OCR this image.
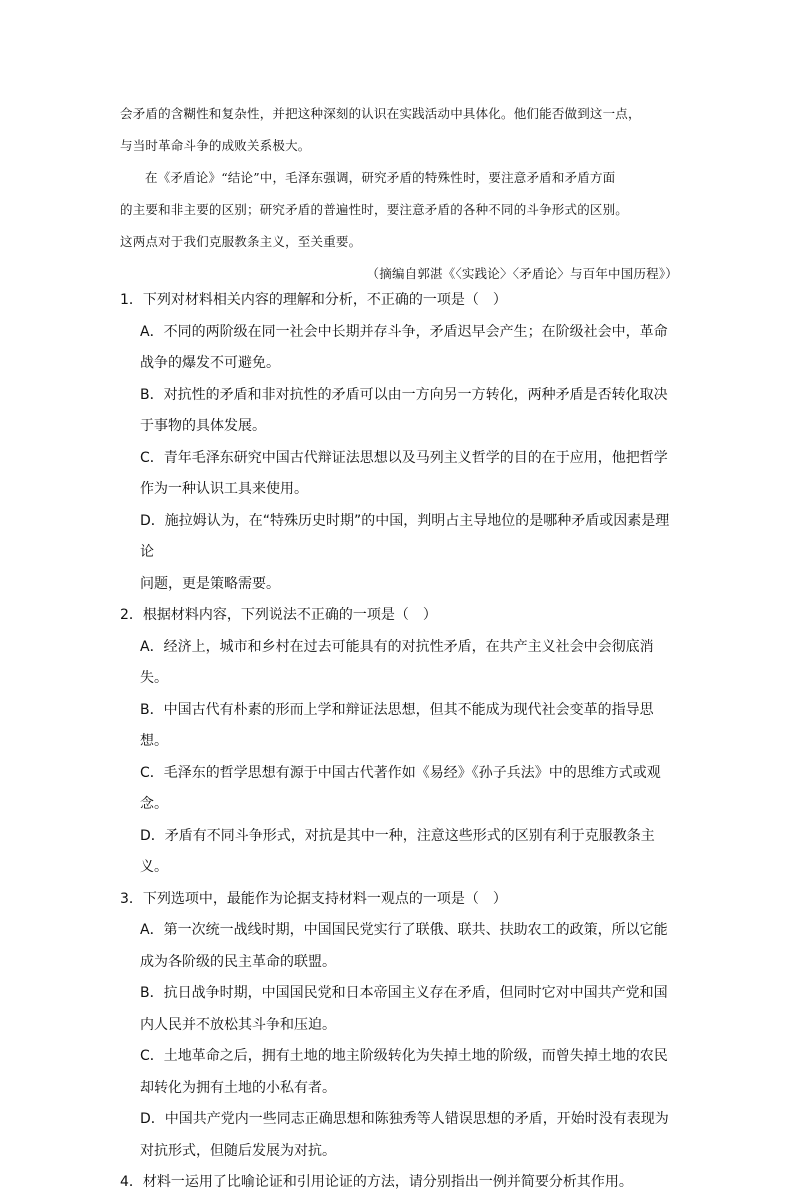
会矛盾的含糊性和复杂性，并把这种深刻的认识在实践活动中具体化。他们能否做到这一点，

与当时革命斗争的成败关系极大。

在《矛盾论》“结论”中，毛泽东强调，研究矛盾的特殊性时，要注意矛盾和矛盾方面

的主要和非主要的区别；研究矛盾的普遍性时，要注意矛盾的各种不同的斗争形式的区别。

这两点对于我们克服教条主义，至关重要。

（摘编自郭湛《〈实践论〉〈矛盾论〉与百年中国历程》）

1．下列对材料相关内容的理解和分析，不正确的一项是（　）

A．不同的两阶级在同一社会中长期并存斗争，矛盾迟早会产生；在阶级社会中，革命

战争的爆发不可避免。

B．对抗性的矛盾和非对抗性的矛盾可以由一方向另一方转化，两种矛盾是否转化取决

于事物的具体发展。

C．青年毛泽东研究中国古代辩证法思想以及马列主义哲学的目的在于应用，他把哲学

作为一种认识工具来使用。

D．施拉姆认为，在“特殊历史时期”的中国，判明占主导地位的是哪种矛盾或因素是理论

问题，更是策略需要。

2．根据材料内容，下列说法不正确的一项是（　）

A．经济上，城市和乡村在过去可能具有的对抗性矛盾，在共产主义社会中会彻底消失。

B．中国古代有朴素的形而上学和辩证法思想，但其不能成为现代社会变革的指导思想。

C．毛泽东的哲学思想有源于中国古代著作如《易经》《孙子兵法》中的思维方式或观念。

D．矛盾有不同斗争形式，对抗是其中一种，注意这些形式的区别有利于克服教条主义。

3．下列选项中，最能作为论据支持材料一观点的一项是（　）

A．第一次统一战线时期，中国国民党实行了联俄、联共、扶助农工的政策，所以它能

成为各阶级的民主革命的联盟。

B．抗日战争时期，中国国民党和日本帝国主义存在矛盾，但同时它对中国共产党和国

内人民并不放松其斗争和压迫。

C．土地革命之后，拥有土地的地主阶级转化为失掉土地的阶级，而曾失掉土地的农民

却转化为拥有土地的小私有者。

D．中国共产党内一些同志正确思想和陈独秀等人错误思想的矛盾，开始时没有表现为

对抗形式，但随后发展为对抗。

4．材料一运用了比喻论证和引用论证的方法，请分别指出一例并简要分析其作用。
